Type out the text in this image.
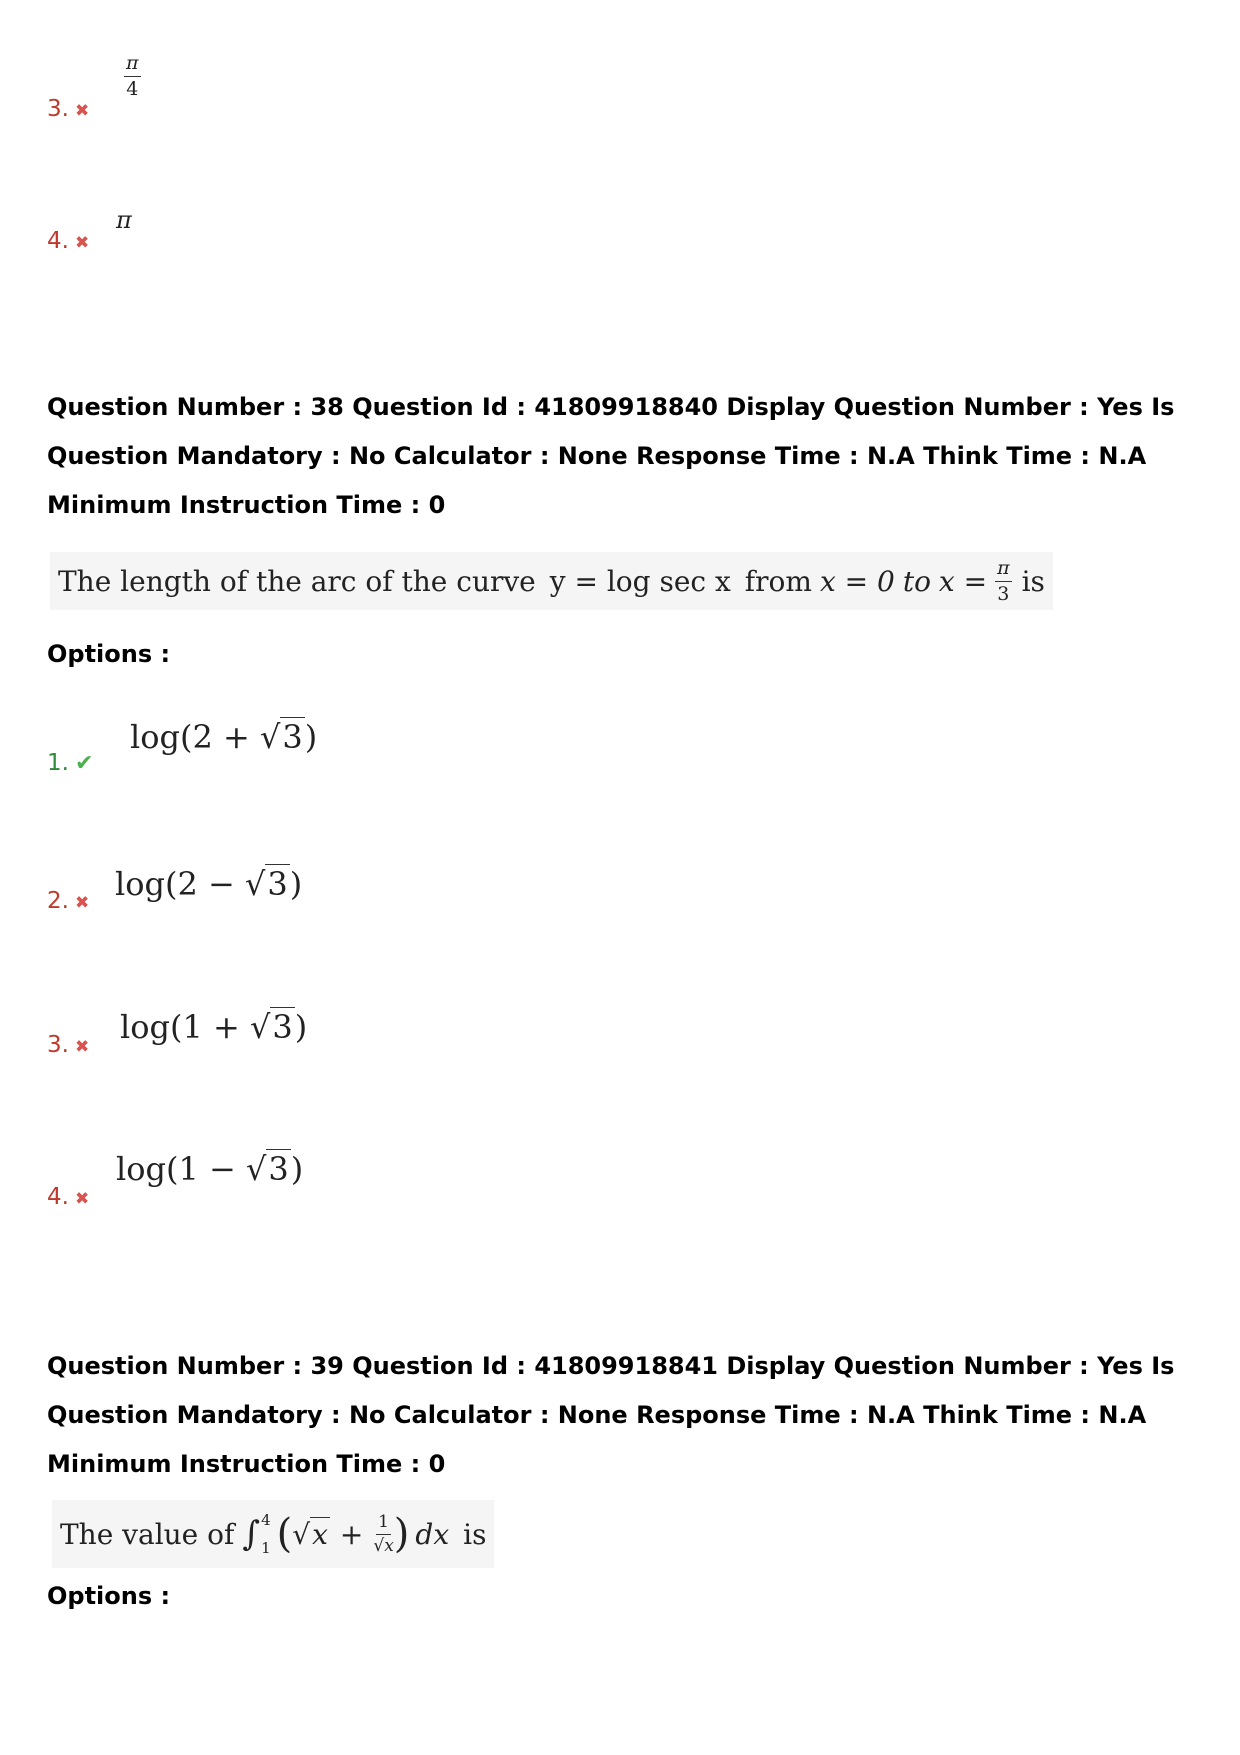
$\frac{\pi}{4}$
3. ✖
π
4. ✖
Question Number : 38 Question Id : 41809918840 Display Question Number : Yes Is Question Mandatory : No Calculator : None Response Time : N.A Think Time : N.A Minimum Instruction Time : 0
The length of the arc of the curve y = log sec x from x = 0 to $x = \frac{\pi}{3}$ is
Options :
log(2 + √3)
1. ✔
log(2 − √3)
2. ✖
log(1 + √3)
3. ✖
log(1 − √3)
4. ✖
Question Number : 39 Question Id : 41809918841 Display Question Number : Yes Is Question Mandatory : No Calculator : None Response Time : N.A Think Time : N.A Minimum Instruction Time : 0
The value of ∫ 4
1 ( $√x + \frac{1}{√x}$ ) dx is
Options :
